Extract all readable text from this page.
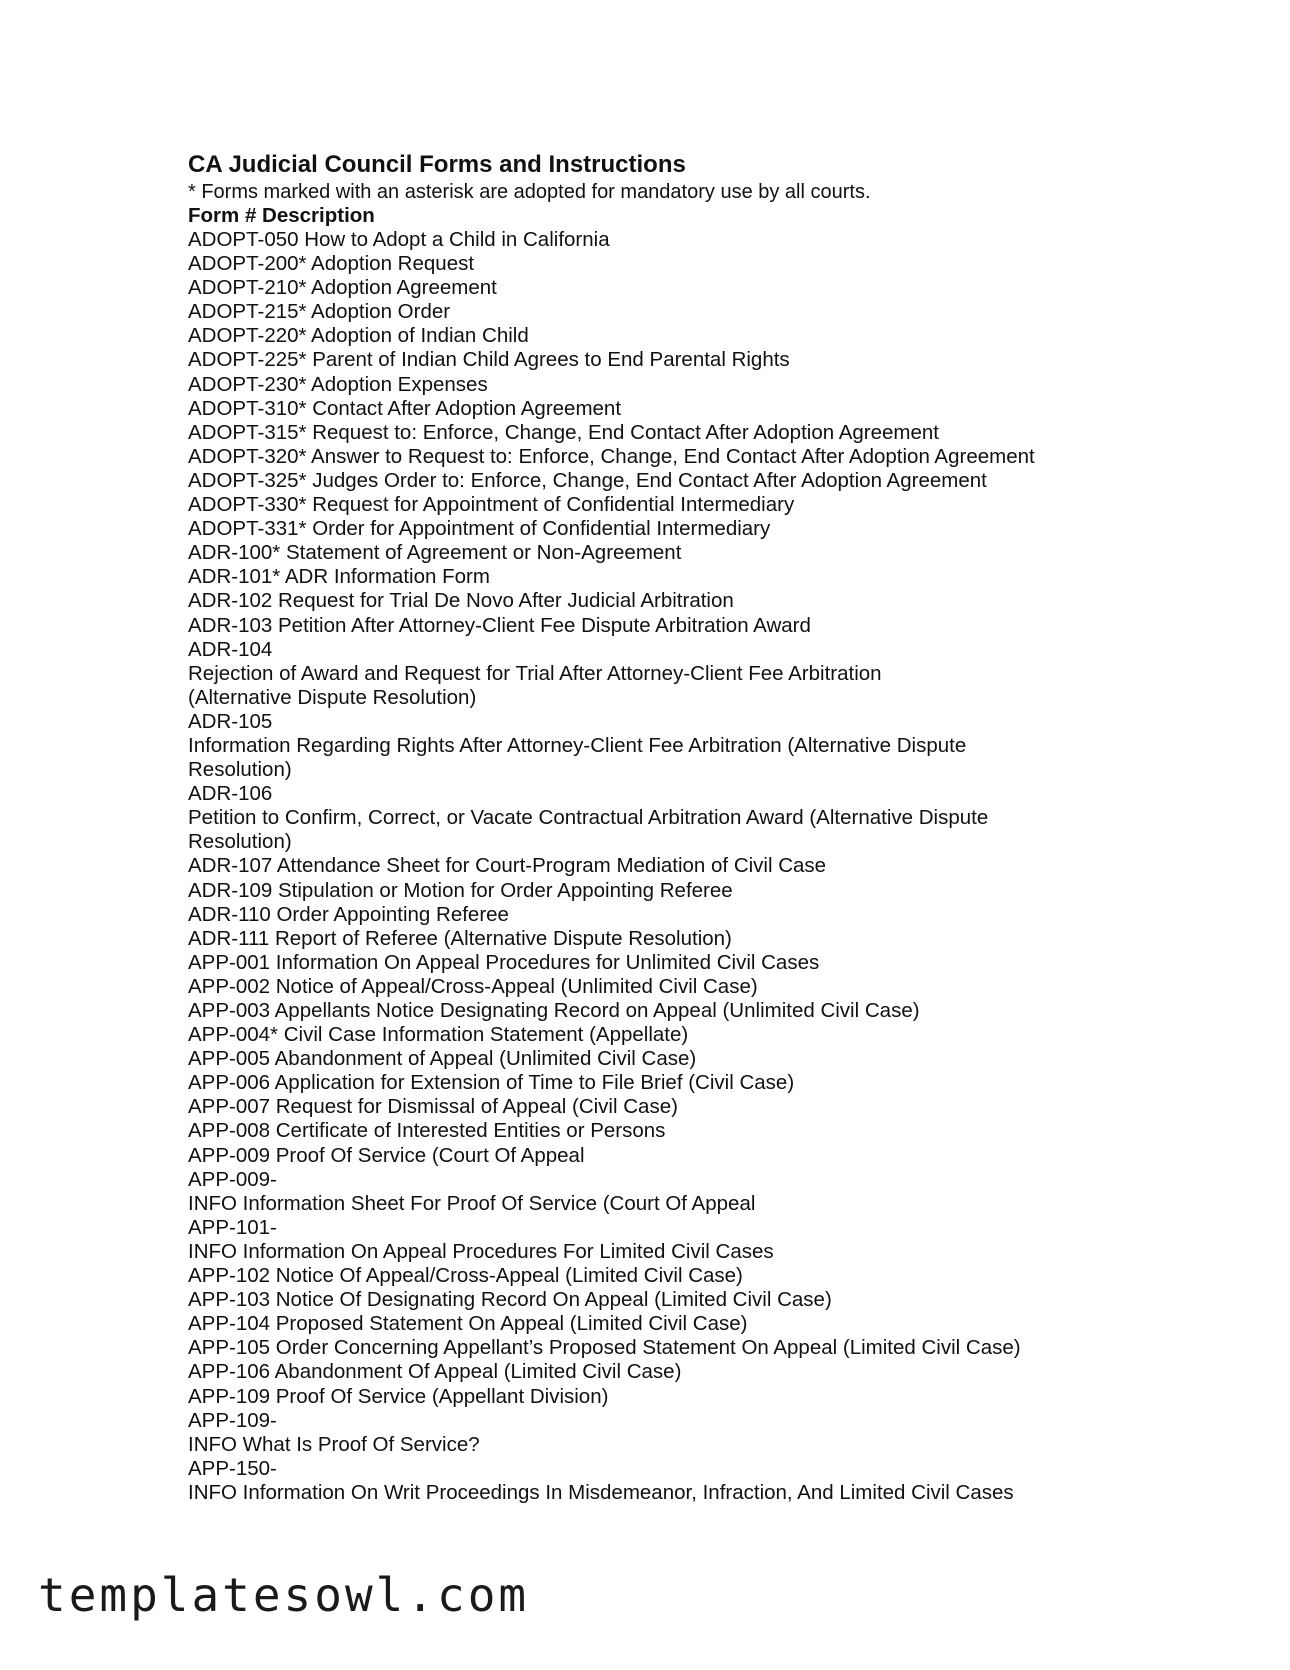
CA Judicial Council Forms and Instructions
* Forms marked with an asterisk are adopted for mandatory use by all courts.
Form # Description
ADOPT-050 How to Adopt a Child in California
ADOPT-200* Adoption Request
ADOPT-210* Adoption Agreement
ADOPT-215* Adoption Order
ADOPT-220* Adoption of Indian Child
ADOPT-225* Parent of Indian Child Agrees to End Parental Rights
ADOPT-230* Adoption Expenses
ADOPT-310* Contact After Adoption Agreement
ADOPT-315* Request to: Enforce, Change, End Contact After Adoption Agreement
ADOPT-320* Answer to Request to: Enforce, Change, End Contact After Adoption Agreement
ADOPT-325* Judges Order to: Enforce, Change, End Contact After Adoption Agreement
ADOPT-330* Request for Appointment of Confidential Intermediary
ADOPT-331* Order for Appointment of Confidential Intermediary
ADR-100* Statement of Agreement or Non-Agreement
ADR-101* ADR Information Form
ADR-102 Request for Trial De Novo After Judicial Arbitration
ADR-103 Petition After Attorney-Client Fee Dispute Arbitration Award
ADR-104
Rejection of Award and Request for Trial After Attorney-Client Fee Arbitration
(Alternative Dispute Resolution)
ADR-105
Information Regarding Rights After Attorney-Client Fee Arbitration (Alternative Dispute
Resolution)
ADR-106
Petition to Confirm, Correct, or Vacate Contractual Arbitration Award (Alternative Dispute
Resolution)
ADR-107 Attendance Sheet for Court-Program Mediation of Civil Case
ADR-109 Stipulation or Motion for Order Appointing Referee
ADR-110 Order Appointing Referee
ADR-111 Report of Referee (Alternative Dispute Resolution)
APP-001 Information On Appeal Procedures for Unlimited Civil Cases
APP-002 Notice of Appeal/Cross-Appeal (Unlimited Civil Case)
APP-003 Appellants Notice Designating Record on Appeal (Unlimited Civil Case)
APP-004* Civil Case Information Statement (Appellate)
APP-005 Abandonment of Appeal (Unlimited Civil Case)
APP-006 Application for Extension of Time to File Brief (Civil Case)
APP-007 Request for Dismissal of Appeal (Civil Case)
APP-008 Certificate of Interested Entities or Persons
APP-009 Proof Of Service (Court Of Appeal
APP-009-
INFO Information Sheet For Proof Of Service (Court Of Appeal
APP-101-
INFO Information On Appeal Procedures For Limited Civil Cases
APP-102 Notice Of Appeal/Cross-Appeal (Limited Civil Case)
APP-103 Notice Of Designating Record On Appeal (Limited Civil Case)
APP-104 Proposed Statement On Appeal (Limited Civil Case)
APP-105 Order Concerning Appellant’s Proposed Statement On Appeal (Limited Civil Case)
APP-106 Abandonment Of Appeal (Limited Civil Case)
APP-109 Proof Of Service (Appellant Division)
APP-109-
INFO What Is Proof Of Service?
APP-150-
INFO Information On Writ Proceedings In Misdemeanor, Infraction, And Limited Civil Cases
templatesowl.com
